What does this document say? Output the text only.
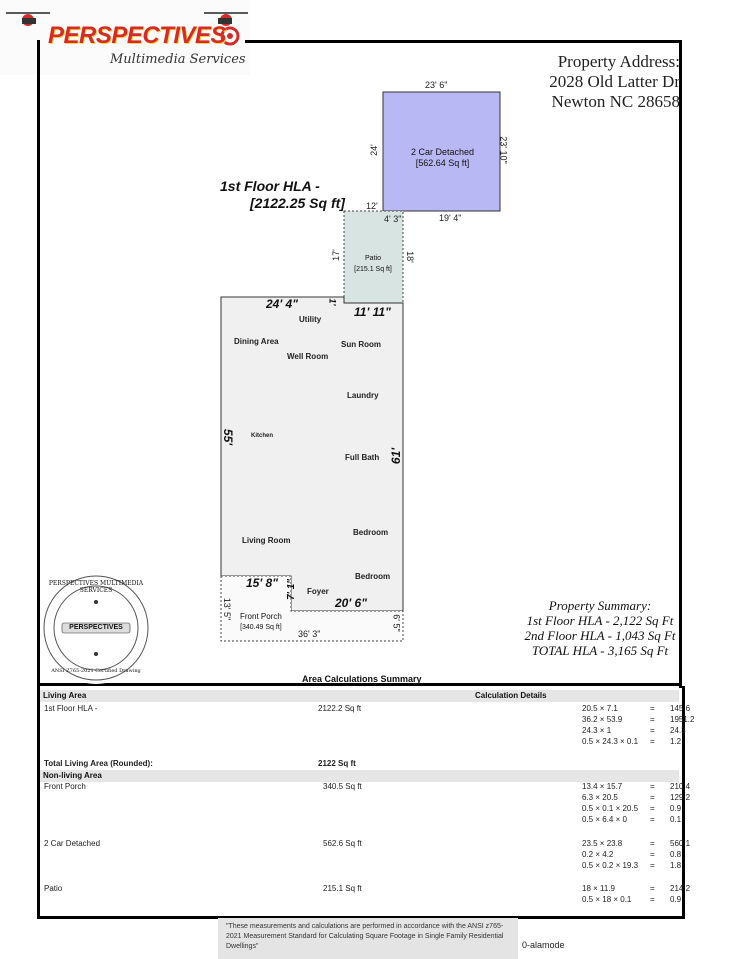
PERSPECTIVES
Multimedia Services	Property Address:
2028 Old Latter Dr
Newton NC 28658
23' 6"
24'	23' 10"
19' 4"
12'
2 Car Detached
[562.64 Sq ft]
1st Floor HLA -
[2122.25 Sq ft]
4' 3"
17'	18'
Patio
[215.1 Sq ft]
24' 4"	1'
11' 11"
55'
61'
15' 8" 7' 1"
20' 6"
Utility
Dining Area
Well Room
Sun Room
Laundry
Kitchen
Full Bath
Living Room
Bedroom
Bedroom
Foyer
Front Porch
[340.49 Sq ft]
13' 5"
36' 3"
6' 5"
PERSPECTIVES MULTIMEDIA SERVICES
PERSPECTIVES
ANSI Z765-2021 Certified Drawing
Property Summary:
1st Floor HLA - 2,122 Sq Ft
2nd Floor HLA - 1,043 Sq Ft
TOTAL HLA - 3,165 Sq Ft
Area Calculations Summary
Living Area	Calculation Details
1st Floor HLA -	2122.2 Sq ft	20.5 × 7.1	= 145.6
36.2 × 53.9	= 1951.2
24.3 × 1	= 24.3
0.5 × 24.3 × 0.1 = 1.2
Total Living Area (Rounded):	2122 Sq ft
Non-living Area
Front Porch	340.5 Sq ft	13.4 × 15.7	= 210.4
6.3 × 20.5	= 129.2
0.5 × 0.1 × 20.5 = 0.9
0.5 × 6.4 × 0	= 0.1
2 Car Detached	562.6 Sq ft	23.5 × 23.8	= 560.1
0.2 × 4.2	= 0.8
0.5 × 0.2 × 19.3 = 1.8
Patio	215.1 Sq ft	18 × 11.9	= 214.2
0.5 × 18 × 0.1 = 0.9
"These measurements and calculations are performed in accordance with the ANSI z765-2021 Measurement Standard for Calculating Square Footage in Single Family Residential Dwellings"	0-alamode
